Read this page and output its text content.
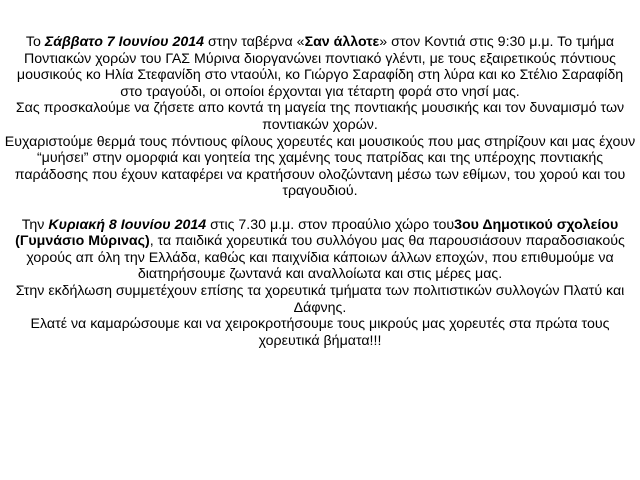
Το Σάββατο 7 Ιουνίου 2014 στην ταβέρνα «Σαν άλλοτε» στον Κοντιά στις 9:30 μ.μ. Το τμήμα Ποντιακών χορών του ΓΑΣ Μύρινα διοργανώνει ποντιακό γλέντι, με τους εξαιρετικούς πόντιους μουσικούς κο Ηλία Στεφανίδη στο νταούλι, κο Γιώργο Σαραφίδη στη λύρα και κο Στέλιο Σαραφίδη στο τραγούδι, οι οποίοι έρχονται για τέταρτη φορά στο νησί μας.

Σας προσκαλούμε να ζήσετε απο κοντά τη μαγεία της ποντιακής μουσικής και τον δυναμισμό των ποντιακών χορών.

Ευχαριστούμε θερμά τους πόντιους φίλους χορευτές και μουσικούς που μας στηρίζουν και μας έχουν “μυήσει” στην ομορφιά και γοητεία της χαμένης τους πατρίδας και της υπέροχης ποντιακής παράδοσης που έχουν καταφέρει να κρατήσουν ολοζώντανη μέσω των εθίμων, του χορού και του τραγουδιού.

Την Κυριακή 8 Ιουνίου 2014 στις 7.30 μ.μ. στον προαύλιο χώρο του3ου Δημοτικού σχολείου (Γυμνάσιο Μύρινας), τα παιδικά χορευτικά του συλλόγου μας θα παρουσιάσουν παραδοσιακούς χορούς απ όλη την Ελλάδα, καθώς και παιχνίδια κάποιων άλλων εποχών, που επιθυμούμε να διατηρήσουμε ζωντανά και αναλλοίωτα και στις μέρες μας.

Στην εκδήλωση συμμετέχουν επίσης τα χορευτικά τμήματα των πολιτιστικών συλλογών Πλατύ και Δάφνης.

Ελατέ να καμαρώσουμε και να χειροκροτήσουμε τους μικρούς μας χορευτές στα πρώτα τους χορευτικά βήματα!!!
